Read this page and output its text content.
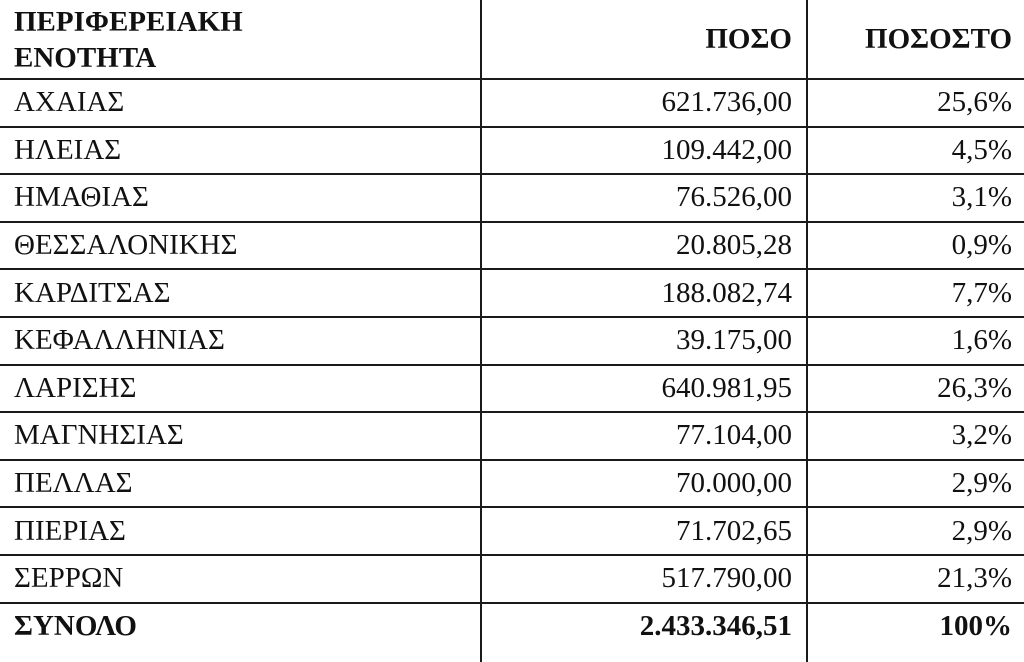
ΠΕΡΙΦΕΡΕΙΑΚΗ
ΕΝΟΤΗΤΑ	ΠΟΣΟ	ΠΟΣΟΣΤΟ
ΑΧΑΙΑΣ	621.736,00	25,6%
ΗΛΕΙΑΣ	109.442,00	4,5%
ΗΜΑΘΙΑΣ	76.526,00	3,1%
ΘΕΣΣΑΛΟΝΙΚΗΣ	20.805,28	0,9%
ΚΑΡΔΙΤΣΑΣ	188.082,74	7,7%
ΚΕΦΑΛΛΗΝΙΑΣ	39.175,00	1,6%
ΛΑΡΙΣΗΣ	640.981,95	26,3%
ΜΑΓΝΗΣΙΑΣ	77.104,00	3,2%
ΠΕΛΛΑΣ	70.000,00	2,9%
ΠΙΕΡΙΑΣ	71.702,65	2,9%
ΣΕΡΡΩΝ	517.790,00	21,3%
ΣΥΝΟΛΟ	2.433.346,51	100%
